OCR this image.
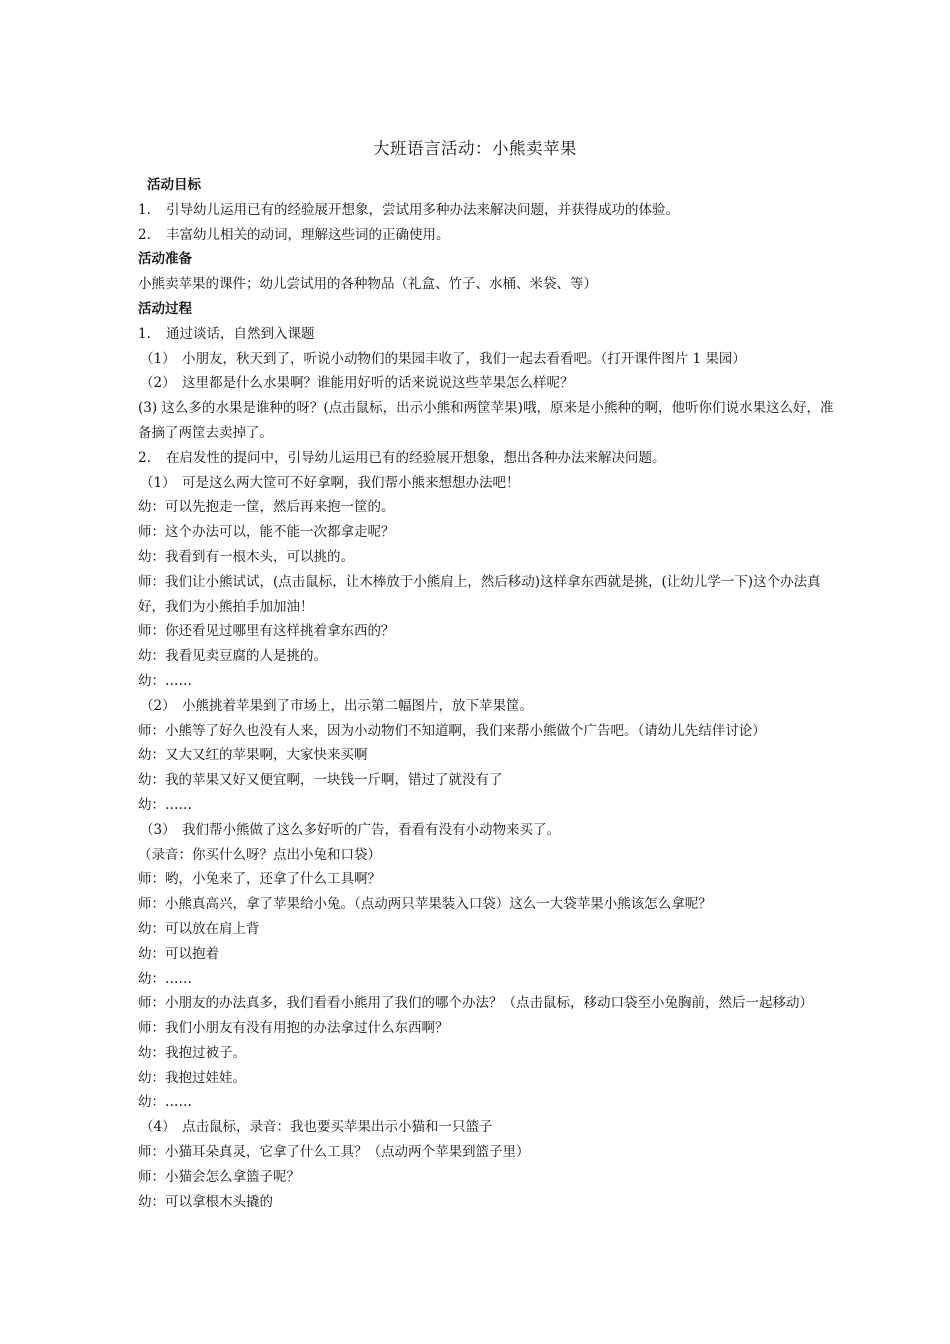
大班语言活动：小熊卖苹果
活动目标
1. 引导幼儿运用已有的经验展开想象，尝试用多种办法来解决问题，并获得成功的体验。
2. 丰富幼儿相关的动词，理解这些词的正确使用。
活动准备
小熊卖苹果的课件；幼儿尝试用的各种物品（礼盒、竹子、水桶、米袋、等）
活动过程
1. 通过谈话，自然到入课题
（1） 小朋友，秋天到了，听说小动物们的果园丰收了，我们一起去看看吧。（打开课件图片 1 果园）
（2） 这里都是什么水果啊？谁能用好听的话来说说这些苹果怎么样呢？
(3) 这么多的水果是谁种的呀？(点击鼠标，出示小熊和两筐苹果)哦，原来是小熊种的啊，他听你们说水果这么好，准备摘了两筐去卖掉了。
2. 在启发性的提问中，引导幼儿运用已有的经验展开想象，想出各种办法来解决问题。
（1） 可是这么两大筐可不好拿啊，我们帮小熊来想想办法吧！
幼：可以先抱走一筐，然后再来抱一筐的。
师：这个办法可以，能不能一次都拿走呢？
幼：我看到有一根木头，可以挑的。
师：我们让小熊试试，(点击鼠标，让木棒放于小熊肩上，然后移动)这样拿东西就是挑，(让幼儿学一下)这个办法真好，我们为小熊拍手加加油！
师：你还看见过哪里有这样挑着拿东西的？
幼：我看见卖豆腐的人是挑的。
幼：……
（2） 小熊挑着苹果到了市场上，出示第二幅图片，放下苹果筐。
师：小熊等了好久也没有人来，因为小动物们不知道啊，我们来帮小熊做个广告吧。（请幼儿先结伴讨论）
幼：又大又红的苹果啊，大家快来买啊
幼：我的苹果又好又便宜啊，一块钱一斤啊，错过了就没有了
幼：……
（3） 我们帮小熊做了这么多好听的广告，看看有没有小动物来买了。
（录音：你买什么呀？点出小兔和口袋）
师：哟，小兔来了，还拿了什么工具啊？
师：小熊真高兴，拿了苹果给小兔。（点动两只苹果装入口袋）这么一大袋苹果小熊该怎么拿呢？
幼：可以放在肩上背
幼：可以抱着
幼：……
师：小朋友的办法真多，我们看看小熊用了我们的哪个办法？（点击鼠标，移动口袋至小兔胸前，然后一起移动）
师：我们小朋友有没有用抱的办法拿过什么东西啊？
幼：我抱过被子。
幼：我抱过娃娃。
幼：……
（4） 点击鼠标，录音：我也要买苹果出示小猫和一只篮子
师：小猫耳朵真灵，它拿了什么工具？（点动两个苹果到篮子里）
师：小猫会怎么拿篮子呢？
幼：可以拿根木头撬的
